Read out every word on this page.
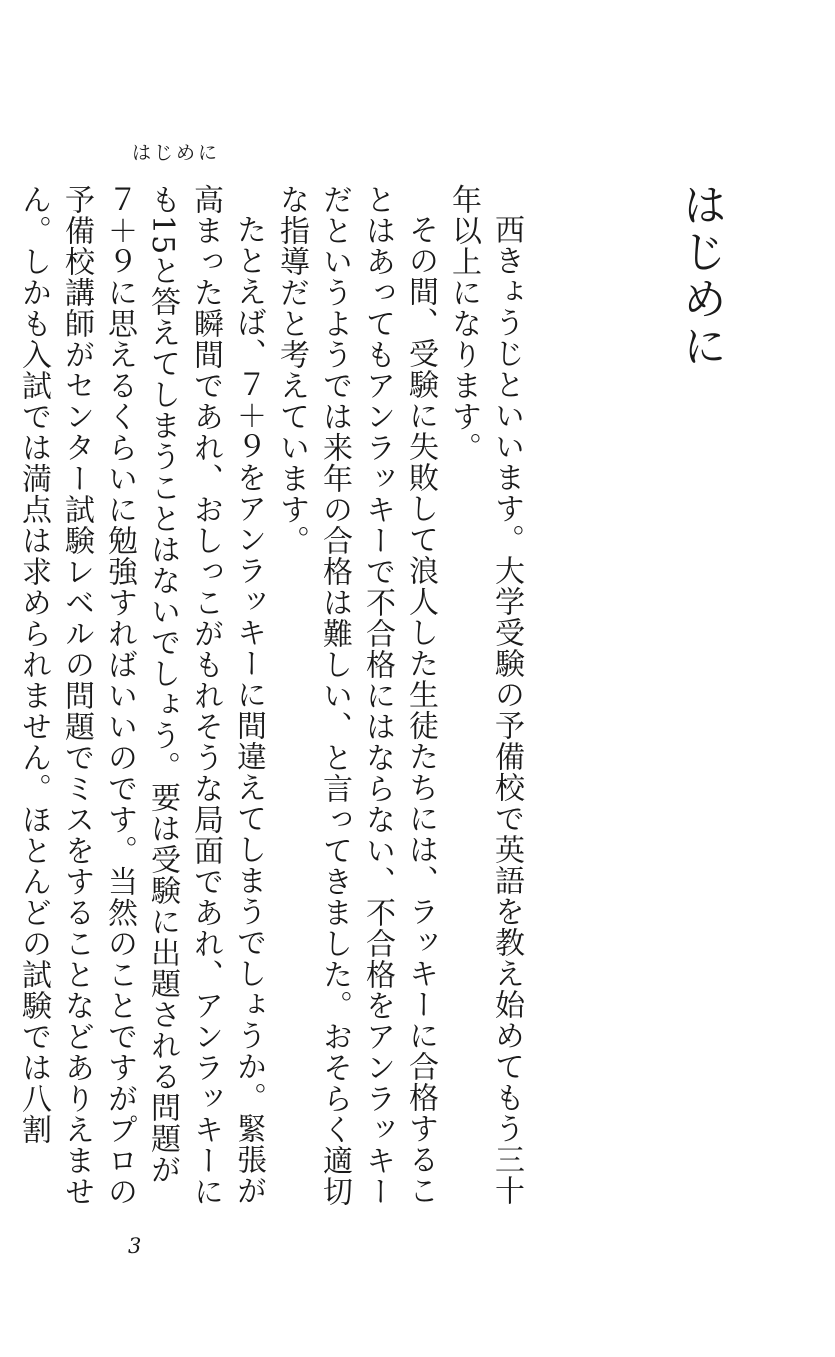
はじめに
はじめに

西きょうじといいます。大学受験の予備校で英語を教え始めてもう三十年以上になります。

その間、受験に失敗して浪人した生徒たちには、ラッキーに合格することはあってもアンラッキーで不合格にはならない、不合格をアンラッキーだというようでは来年の合格は難しい、と言ってきました。おそらく適切な指導だと考えています。

たとえば、７＋９をアンラッキーに間違えてしまうでしょうか。緊張が高まった瞬間であれ、おしっこがもれそうな局面であれ、アンラッキーにも15と答えてしまうことはないでしょう。要は受験に出題される問題が７＋９に思えるくらいに勉強すればいいのです。当然のことですがプロの予備校講師がセンター試験レベルの問題でミスをすることなどありえません。しかも入試では満点は求められません。ほとんどの試験では八割

3
